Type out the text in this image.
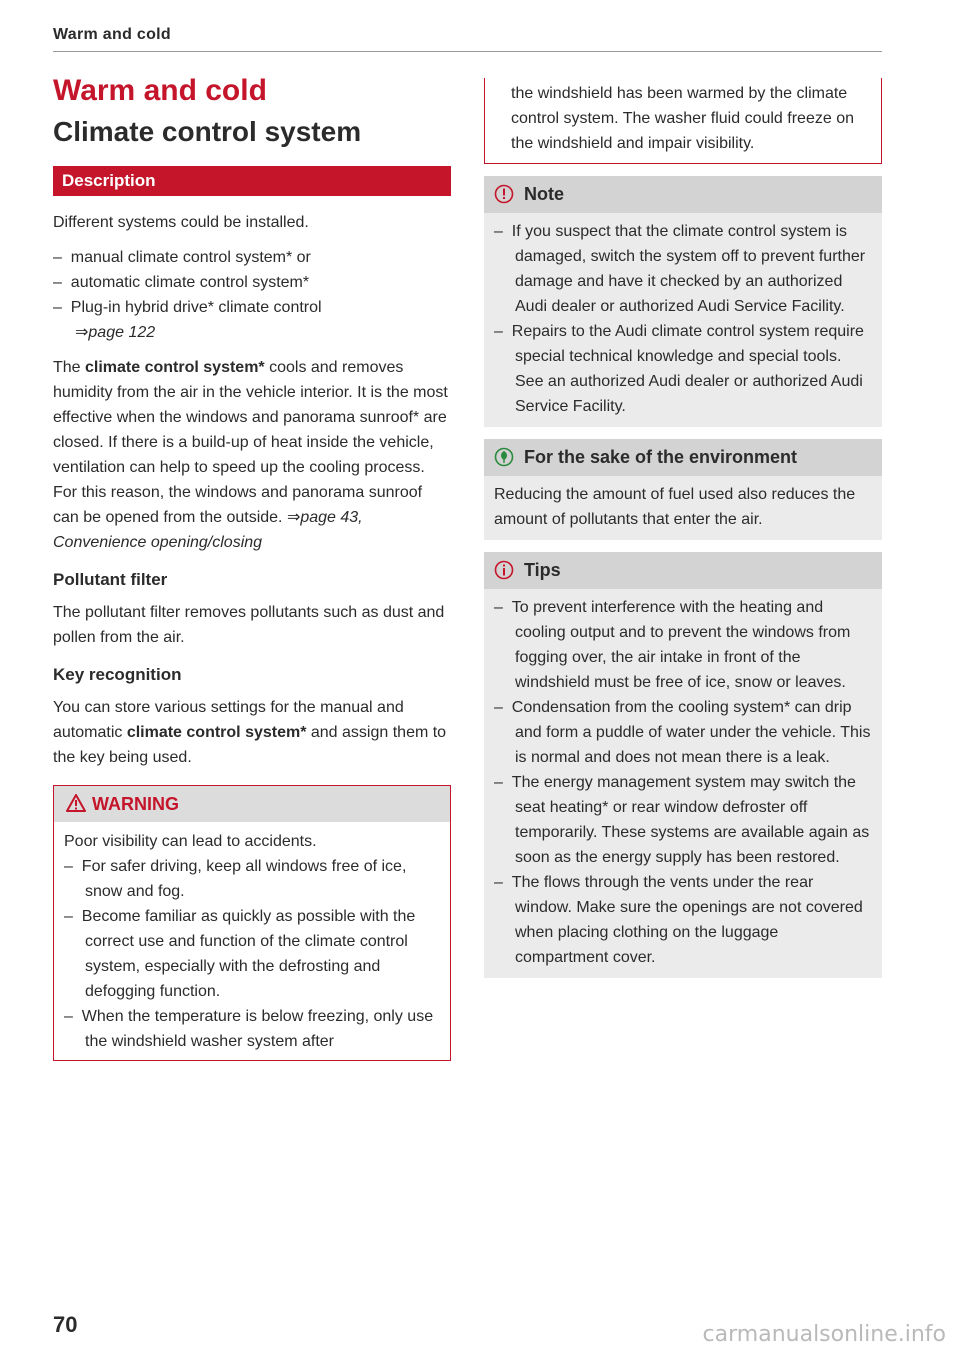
Warm and cold
Warm and cold
Climate control system
Description

Different systems could be installed.

–  manual climate control system* or
–  automatic climate control system*
–  Plug-in hybrid drive* climate control

⇒page 122

The climate control system* cools and removes humidity from the air in the vehicle interior. It is the most effective when the windows and panorama sunroof* are closed. If there is a build-up of heat inside the vehicle, ventilation can help to speed up the cooling process. For this reason, the windows and panorama sunroof can be opened from the outside. ⇒page 43, Convenience opening/closing

Pollutant filter

The pollutant filter removes pollutants such as dust and pollen from the air.

Key recognition

You can store various settings for the manual and automatic climate control system* and assign them to the key being used.

WARNING

Poor visibility can lead to accidents.

–  For safer driving, keep all windows free of ice, snow and fog.
–  Become familiar as quickly as possible with the correct use and function of the climate control system, especially with the defrosting and defogging function.
–  When the temperature is below freezing, only use the windshield washer system after

the windshield has been warmed by the climate control system. The washer fluid could freeze on the windshield and impair visibility.

Note
–  If you suspect that the climate control system is damaged, switch the system off to prevent further damage and have it checked by an authorized Audi dealer or authorized Audi Service Facility.
–  Repairs to the Audi climate control system require special technical knowledge and special tools. See an authorized Audi dealer or authorized Audi Service Facility.
For the sake of the environment

Reducing the amount of fuel used also reduces the amount of pollutants that enter the air.

Tips
–  To prevent interference with the heating and cooling output and to prevent the windows from fogging over, the air intake in front of the windshield must be free of ice, snow or leaves.
–  Condensation from the cooling system* can drip and form a puddle of water under the vehicle. This is normal and does not mean there is a leak.
–  The energy management system may switch the seat heating* or rear window defroster off temporarily. These systems are available again as soon as the energy supply has been restored.
–  The flows through the vents under the rear window. Make sure the openings are not covered when placing clothing on the luggage compartment cover.
70	carmanualsonline.info
